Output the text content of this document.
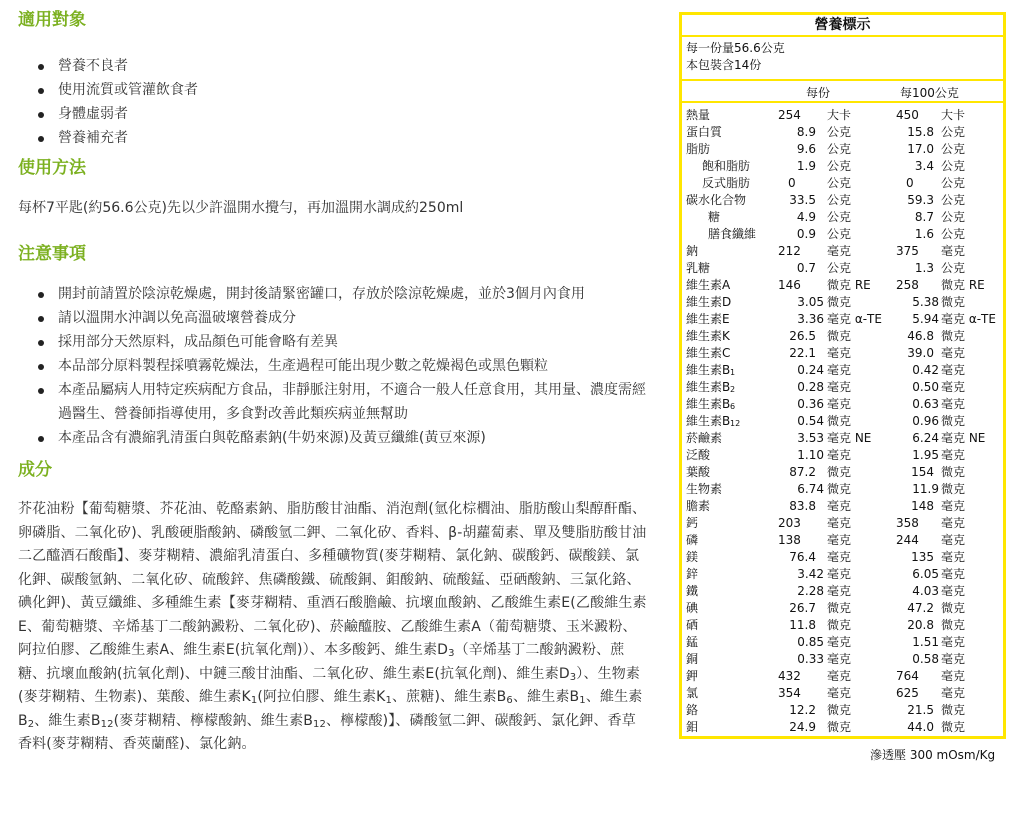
適用對象
營養不良者
使用流質或管灌飲食者
身體虛弱者
營養補充者
使用方法
每杯7平匙(約56.6公克)先以少許溫開水攪勻，再加溫開水調成約250ml
注意事項
開封前請置於陰涼乾燥處，開封後請緊密罐口，存放於陰涼乾燥處，並於3個月內食用
請以溫開水沖調以免高溫破壞營養成分
採用部分天然原料，成品顏色可能會略有差異
本品部分原料製程採噴霧乾燥法，生產過程可能出現少數之乾燥褐色或黑色顆粒
本產品屬病人用特定疾病配方食品，非靜脈注射用，不適合一般人任意食用，其用量、濃度需經過醫生、營養師指導使用，多食對改善此類疾病並無幫助
本產品含有濃縮乳清蛋白與乾酪素鈉(牛奶來源)及黃豆纖維(黃豆來源)
成分
芥花油粉【葡萄糖漿、芥花油、乾酪素鈉、脂肪酸甘油酯、消泡劑(氫化棕櫚油、脂肪酸山梨醇酐酯、卵磷脂、二氧化矽)、乳酸硬脂酸鈉、磷酸氫二鉀、二氧化矽、香料、β-胡蘿蔔素、單及雙脂肪酸甘油二乙醯酒石酸酯】、麥芽糊精、濃縮乳清蛋白、多種礦物質(麥芽糊精、氯化鈉、碳酸鈣、碳酸鎂、氯化鉀、碳酸氫鈉、二氧化矽、硫酸鋅、焦磷酸鐵、硫酸銅、鉬酸鈉、硫酸錳、亞硒酸鈉、三氯化鉻、碘化鉀)、黃豆纖維、多種維生素【麥芽糊精、重酒石酸膽鹼、抗壞血酸鈉、乙酸維生素E(乙酸維生素E、葡萄糖漿、辛烯基丁二酸鈉澱粉、二氧化矽)、菸鹼醯胺、乙酸維生素A（葡萄糖漿、玉米澱粉、阿拉伯膠、乙酸維生素A、維生素E(抗氧化劑)）、本多酸鈣、維生素$D_3$（辛烯基丁二酸鈉澱粉、蔗糖、抗壞血酸鈉(抗氧化劑)、中鏈三酸甘油酯、二氧化矽、維生素E(抗氧化劑)、維生素$D_3$）、生物素(麥芽糊精、生物素)、葉酸、維生素$K_1$(阿拉伯膠、維生素$K_1$、蔗糖)、維生素$B_6$、維生素$B_1$、維生素$B_2$、維生素$B_{12}$(麥芽糊精、檸檬酸鈉、維生素$B_{12}$、檸檬酸)】、磷酸氫二鉀、碳酸鈣、氯化鉀、香草香料(麥芽糊精、香莢蘭醛)、氯化鈉。
營養標示
每一份量56.6公克
本包裝含14份
每份	每100公克
熱量	254 大卡	450 大卡
蛋白質	8.9 公克	15.8 公克
脂肪	9.6 公克	17.0 公克
飽和脂肪	1.9 公克	3.4 公克
反式脂肪	0	公克	0 公克
碳水化合物	33.5 公克	59.3 公克
糖	4.9 公克	8.7 公克
膳食纖維	0.9 公克	1.6 公克
鈉	212 毫克	375 毫克
乳糖	0.7 公克	1.3 公克
維生素A	146 微克 RE 258 微克 RE
維生素D	3.05 微克	5.38 微克
維生素E	3.36 毫克 α-TE	5.94 毫克 α-TE
維生素K	26.5 微克	46.8 微克
維生素C	22.1 毫克	39.0 毫克
維生素B 1	0.24 毫克	0.42 毫克
維生素B 2	0.28 毫克	0.50 毫克
維生素B 6	0.36 毫克	0.63 毫克
維生素B 12	0.54 微克	0.96 微克
菸鹼素	3.53 毫克 NE	6.24 毫克 NE
泛酸	1.10 毫克	1.95 毫克
葉酸	87.2 微克	154 微克
生物素	6.74 微克	11.9 微克
膽素	83.8 毫克	148 毫克
鈣	203 毫克	358 毫克
磷	138 毫克	244 毫克
鎂	76.4 毫克	135 毫克
鋅	3.42 毫克	6.05 毫克
鐵	2.28 毫克	4.03 毫克
碘	26.7 微克	47.2 微克
硒	11.8 微克	20.8 微克
錳	0.85 毫克	1.51 毫克
銅	0.33 毫克	0.58 毫克
鉀	432 毫克	764 毫克
氯	354 毫克	625 毫克
鉻	12.2 微克	21.5 微克
鉬	24.9 微克	44.0 微克
滲透壓 300 mOsm/Kg
